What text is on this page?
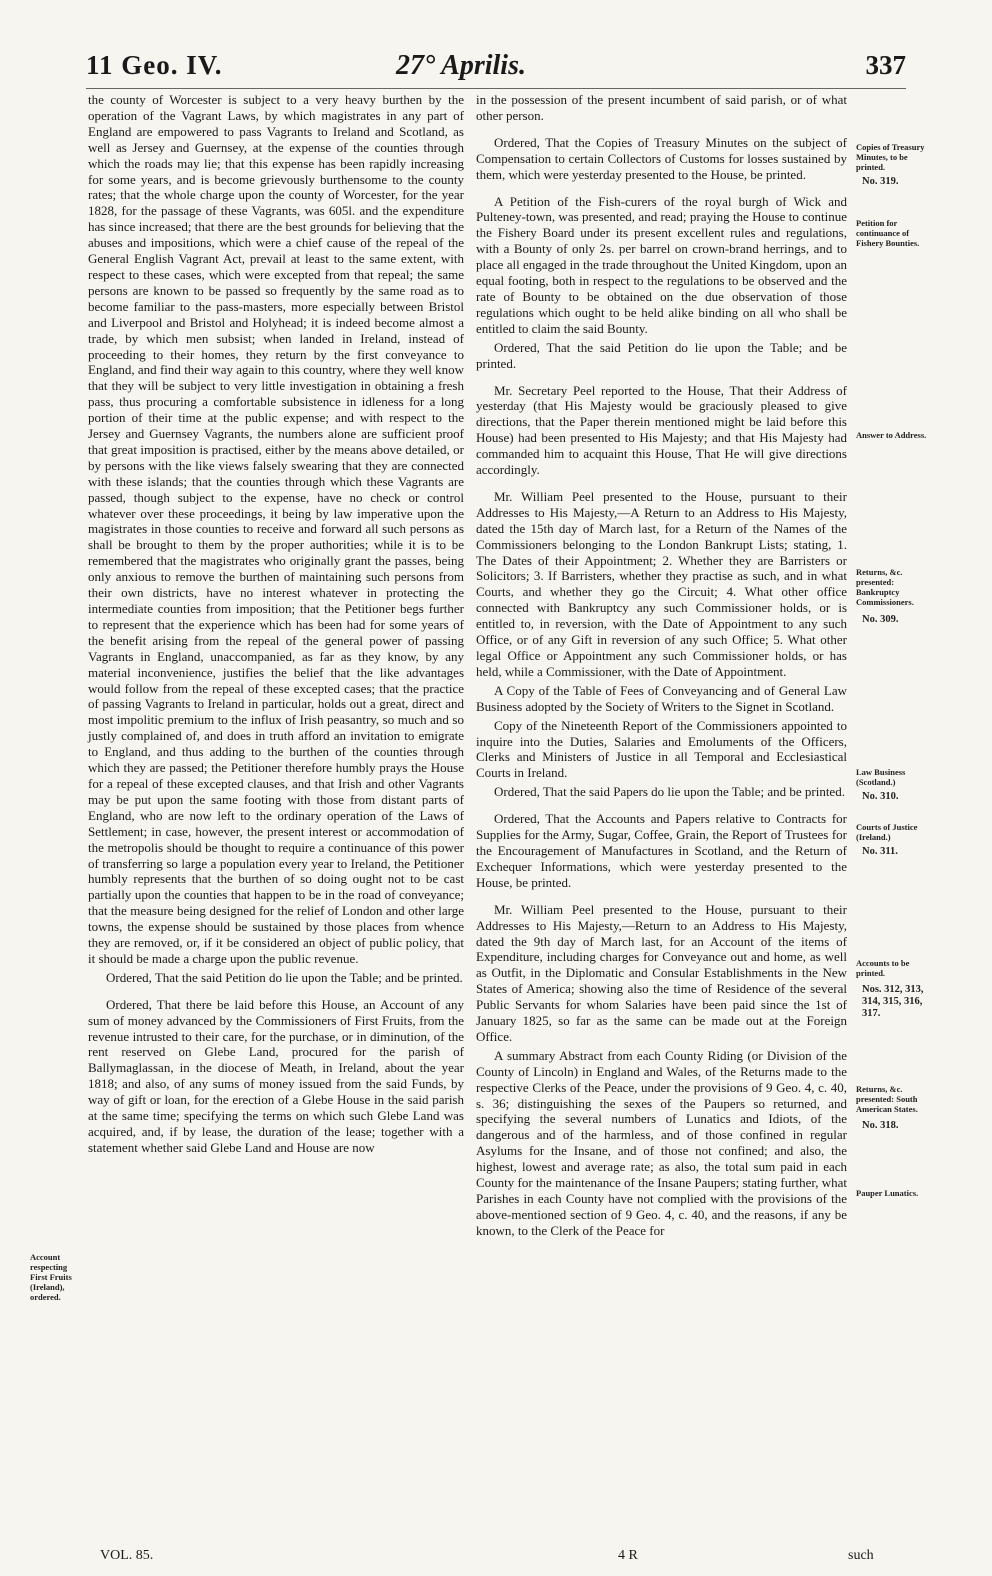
11 Geo. IV.	27° Aprilis.	337

the county of Worcester is subject to a very heavy burthen by the operation of the Vagrant Laws, by which magistrates in any part of England are empowered to pass Vagrants to Ireland and Scotland, as well as Jersey and Guernsey, at the expense of the counties through which the roads may lie; that this expense has been rapidly increasing for some years, and is become grievously burthensome to the county rates; that the whole charge upon the county of Worcester, for the year 1828, for the passage of these Vagrants, was 605l. and the expenditure has since increased; that there are the best grounds for believing that the abuses and impositions, which were a chief cause of the repeal of the General English Vagrant Act, prevail at least to the same extent, with respect to these cases, which were excepted from that repeal; the same persons are known to be passed so frequently by the same road as to become familiar to the pass-masters, more especially between Bristol and Liverpool and Bristol and Holyhead; it is indeed become almost a trade, by which men subsist; when landed in Ireland, instead of proceeding to their homes, they return by the first conveyance to England, and find their way again to this country, where they well know that they will be subject to very little investigation in obtaining a fresh pass, thus procuring a comfortable subsistence in idleness for a long portion of their time at the public expense; and with respect to the Jersey and Guernsey Vagrants, the numbers alone are sufficient proof that great imposition is practised, either by the means above detailed, or by persons with the like views falsely swearing that they are connected with these islands; that the counties through which these Vagrants are passed, though subject to the expense, have no check or control whatever over these proceedings, it being by law imperative upon the magistrates in those counties to receive and forward all such persons as shall be brought to them by the proper authorities; while it is to be remembered that the magistrates who originally grant the passes, being only anxious to remove the burthen of maintaining such persons from their own districts, have no interest whatever in protecting the intermediate counties from imposition; that the Petitioner begs further to represent that the experience which has been had for some years of the benefit arising from the repeal of the general power of passing Vagrants in England, unaccompanied, as far as they know, by any material inconvenience, justifies the belief that the like advantages would follow from the repeal of these excepted cases; that the practice of passing Vagrants to Ireland in particular, holds out a great, direct and most impolitic premium to the influx of Irish peasantry, so much and so justly complained of, and does in truth afford an invitation to emigrate to England, and thus adding to the burthen of the counties through which they are passed; the Petitioner therefore humbly prays the House for a repeal of these excepted clauses, and that Irish and other Vagrants may be put upon the same footing with those from distant parts of England, who are now left to the ordinary operation of the Laws of Settlement; in case, however, the present interest or accommodation of the metropolis should be thought to require a continuance of this power of transferring so large a population every year to Ireland, the Petitioner humbly represents that the burthen of so doing ought not to be cast partially upon the counties that happen to be in the road of conveyance; that the measure being designed for the relief of London and other large towns, the expense should be sustained by those places from whence they are removed, or, if it be considered an object of public policy, that it should be made a charge upon the public revenue.

Ordered, That the said Petition do lie upon the Table; and be printed.

Ordered, That there be laid before this House, an Account of any sum of money advanced by the Commissioners of First Fruits, from the revenue intrusted to their care, for the purchase, or in diminution, of the rent reserved on Glebe Land, procured for the parish of Ballymaglassan, in the diocese of Meath, in Ireland, about the year 1818; and also, of any sums of money issued from the said Funds, by way of gift or loan, for the erection of a Glebe House in the said parish at the same time; specifying the terms on which such Glebe Land was acquired, and, if by lease, the duration of the lease; together with a statement whether said Glebe Land and House are now

in the possession of the present incumbent of said parish, or of what other person.

Ordered, That the Copies of Treasury Minutes on the subject of Compensation to certain Collectors of Customs for losses sustained by them, which were yesterday presented to the House, be printed.

A Petition of the Fish-curers of the royal burgh of Wick and Pulteney-town, was presented, and read; praying the House to continue the Fishery Board under its present excellent rules and regulations, with a Bounty of only 2s. per barrel on crown-brand herrings, and to place all engaged in the trade throughout the United Kingdom, upon an equal footing, both in respect to the regulations to be observed and the rate of Bounty to be obtained on the due observation of those regulations which ought to be held alike binding on all who shall be entitled to claim the said Bounty.

Ordered, That the said Petition do lie upon the Table; and be printed.

Mr. Secretary Peel reported to the House, That their Address of yesterday (that His Majesty would be graciously pleased to give directions, that the Paper therein mentioned might be laid before this House) had been presented to His Majesty; and that His Majesty had commanded him to acquaint this House, That He will give directions accordingly.

Mr. William Peel presented to the House, pursuant to their Addresses to His Majesty,—A Return to an Address to His Majesty, dated the 15th day of March last, for a Return of the Names of the Commissioners belonging to the London Bankrupt Lists; stating, 1. The Dates of their Appointment; 2. Whether they are Barristers or Solicitors; 3. If Barristers, whether they practise as such, and in what Courts, and whether they go the Circuit; 4. What other office connected with Bankruptcy any such Commissioner holds, or is entitled to, in reversion, with the Date of Appointment to any such Office, or of any Gift in reversion of any such Office; 5. What other legal Office or Appointment any such Commissioner holds, or has held, while a Commissioner, with the Date of Appointment.

A Copy of the Table of Fees of Conveyancing and of General Law Business adopted by the Society of Writers to the Signet in Scotland.

Copy of the Nineteenth Report of the Commissioners appointed to inquire into the Duties, Salaries and Emoluments of the Officers, Clerks and Ministers of Justice in all Temporal and Ecclesiastical Courts in Ireland.

Ordered, That the said Papers do lie upon the Table; and be printed.

Ordered, That the Accounts and Papers relative to Contracts for Supplies for the Army, Sugar, Coffee, Grain, the Report of Trustees for the Encouragement of Manufactures in Scotland, and the Return of Exchequer Informations, which were yesterday presented to the House, be printed.

Mr. William Peel presented to the House, pursuant to their Addresses to His Majesty,—Return to an Address to His Majesty, dated the 9th day of March last, for an Account of the items of Expenditure, including charges for Conveyance out and home, as well as Outfit, in the Diplomatic and Consular Establishments in the New States of America; showing also the time of Residence of the several Public Servants for whom Salaries have been paid since the 1st of January 1825, so far as the same can be made out at the Foreign Office.

A summary Abstract from each County Riding (or Division of the County of Lincoln) in England and Wales, of the Returns made to the respective Clerks of the Peace, under the provisions of 9 Geo. 4, c. 40, s. 36; distinguishing the sexes of the Paupers so returned, and specifying the several numbers of Lunatics and Idiots, of the dangerous and of the harmless, and of those confined in regular Asylums for the Insane, and of those not confined; and also, the highest, lowest and average rate; as also, the total sum paid in each County for the maintenance of the Insane Paupers; stating further, what Parishes in each County have not complied with the provisions of the above-mentioned section of 9 Geo. 4, c. 40, and the reasons, if any be known, to the Clerk of the Peace for

Account respecting First Fruits (Ireland), ordered.
Copies of Treasury Minutes, to be printed.
No. 319.
Petition for continuance of Fishery Bounties.
Answer to Address.
Returns, &c. presented: Bankruptcy Commissioners.
No. 309.
Law Business (Scotland.)
No. 310.
Courts of Justice (Ireland.)
No. 311.
Accounts to be printed.
Nos. 312, 313, 314, 315, 316, 317.
Returns, &c. presented: South American States.
No. 318.
Pauper Lunatics.
VOL. 85.	4 R	such
